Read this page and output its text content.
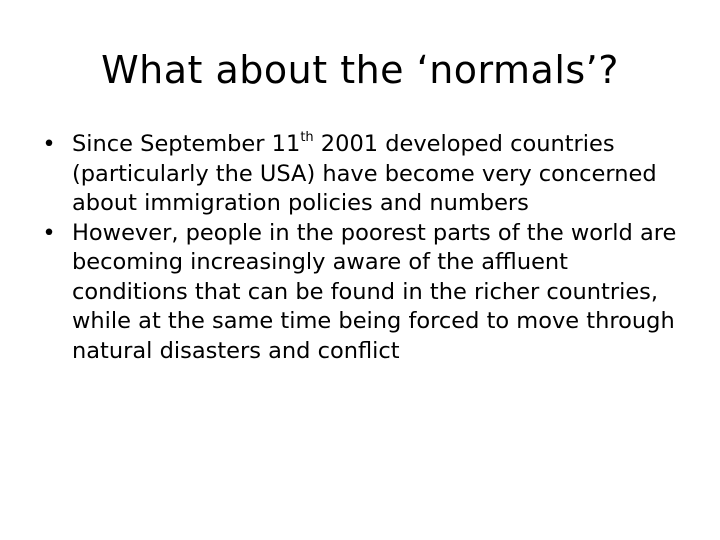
What about the ‘normals’?
• Since September 11th 2001 developed countries (particularly the USA) have become very concerned about immigration policies and numbers
• However, people in the poorest parts of the world are becoming increasingly aware of the affluent conditions that can be found in the richer countries, while at the same time being forced to move through natural disasters and conflict
